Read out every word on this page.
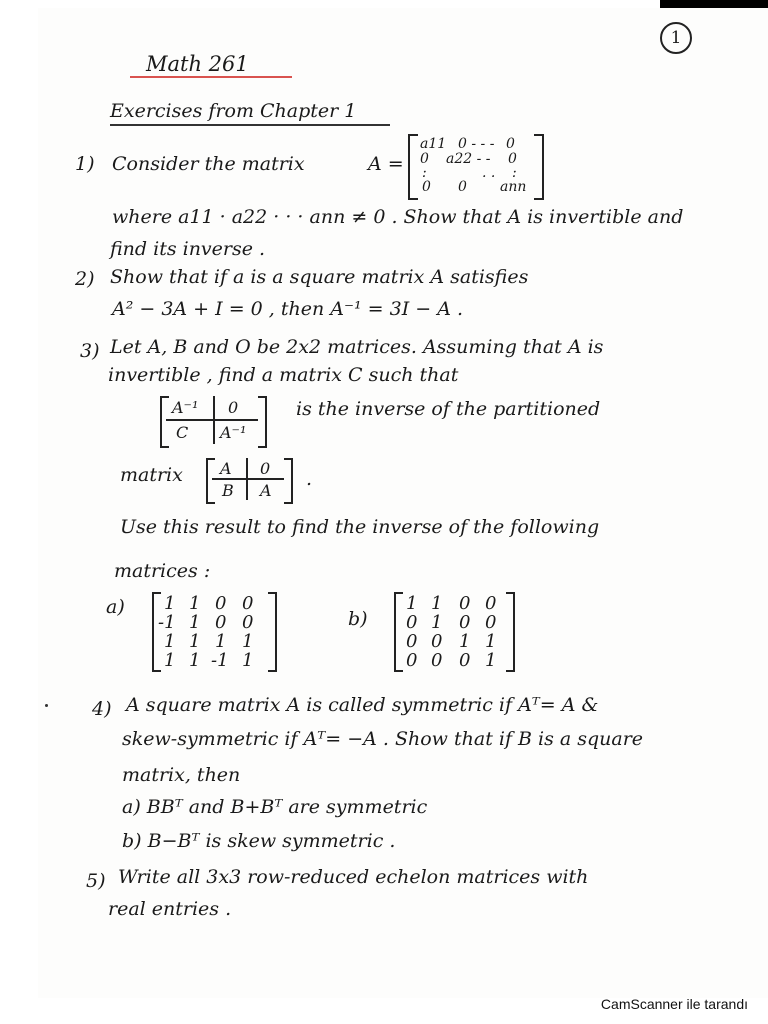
1
Math 261
Exercises from Chapter 1
1) Consider the matrix	A =
a11 0 - - - 0
0 a22 - - 0
:	. . :
0 0 ann
where a11 · a22 · · · ann ≠ 0 . Show that A is invertible and
find its inverse .
2) Show that if a is a square matrix A satisfies
A² − 3A + I = 0 , then A⁻¹ = 3I − A .
3) Let A, B and O be 2x2 matrices. Assuming that A is
invertible , find a matrix C such that
A⁻¹ 0
C A⁻¹
is the inverse of the partitioned
matrix A 0
B A
.
Use this result to find the inverse of the following
matrices :
a) 1 1 0 0
-1 1 0 0
1 1 1 1
1 1 -1 1
b)
1 1 0 0
0 1 0 0
0 0 1 1
0 0 0 1
4) A square matrix A is called symmetric if Aᵀ= A &
skew-symmetric if Aᵀ= −A . Show that if B is a square
matrix, then
a) BBᵀ and B+Bᵀ are symmetric
b) B−Bᵀ is skew symmetric .
5) Write all 3x3 row-reduced echelon matrices with
real entries .
CamScanner ile tarandı
